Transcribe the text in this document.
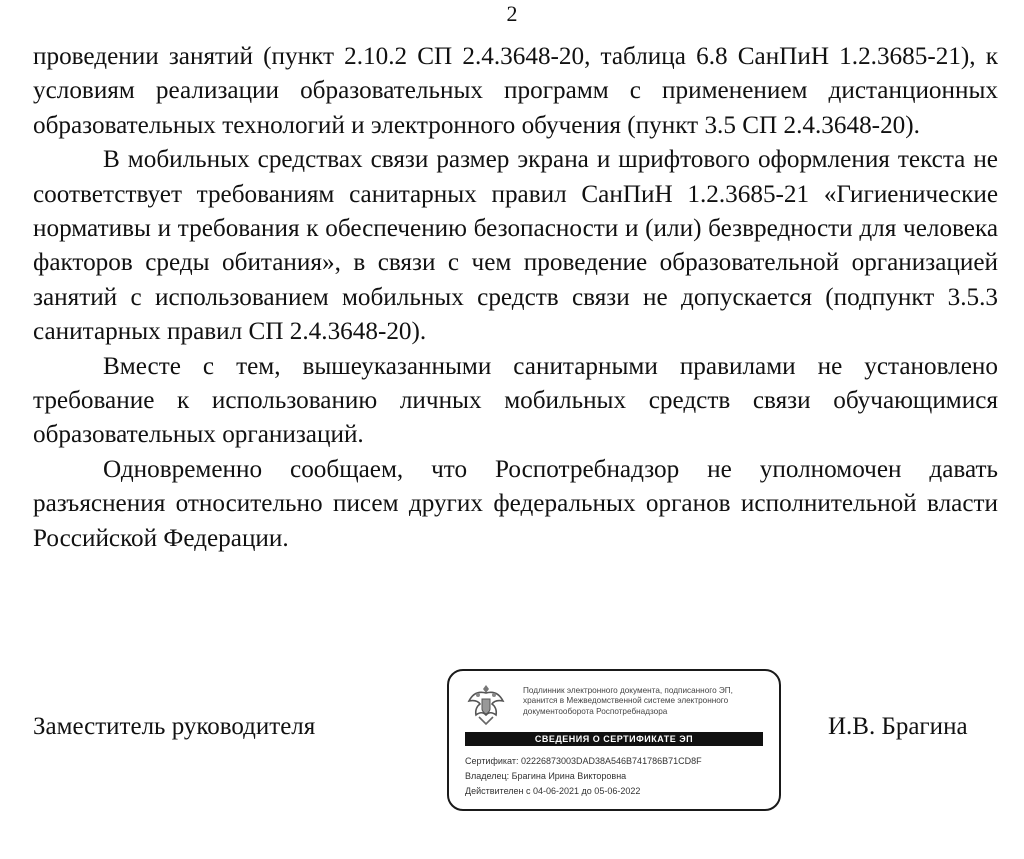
2

проведении занятий (пункт 2.10.2 СП 2.4.3648-20, таблица 6.8 СанПиН 1.2.3685-21), к условиям реализации образовательных программ с применением дистанционных образовательных технологий и электронного обучения (пункт 3.5 СП 2.4.3648-20).

В мобильных средствах связи размер экрана и шрифтового оформления текста не соответствует требованиям санитарных правил СанПиН 1.2.3685-21 «Гигиенические нормативы и требования к обеспечению безопасности и (или) безвредности для человека факторов среды обитания», в связи с чем проведение образовательной организацией занятий с использованием мобильных средств связи не допускается (подпункт 3.5.3 санитарных правил СП 2.4.3648-20).

Вместе с тем, вышеуказанными санитарными правилами не установлено требование к использованию личных мобильных средств связи обучающимися образовательных организаций.

Одновременно сообщаем, что Роспотребнадзор не уполномочен давать разъяснения относительно писем других федеральных органов исполнительной власти Российской Федерации.

Заместитель руководителя	И.В. Брагина
Подлинник электронного документа, подписанного ЭП, хранится в Межведомственной системе электронного документооборота Роспотребнадзора
СВЕДЕНИЯ О СЕРТИФИКАТЕ ЭП
Сертификат: 02226873003DAD38A546B741786B71CD8F
Владелец: Брагина Ирина Викторовна
Действителен с 04-06-2021 до 05-06-2022
